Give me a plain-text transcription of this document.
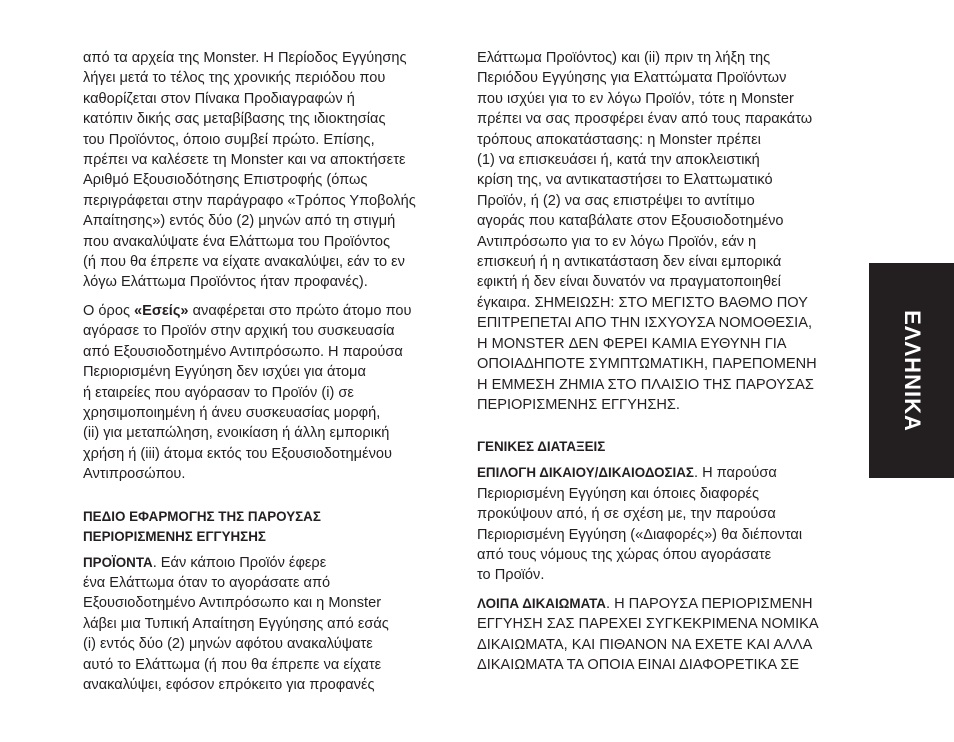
από τα αρχεία της Monster. Η Περίοδος Εγγύησης
λήγει μετά το τέλος της χρονικής περιόδου που
καθορίζεται στον Πίνακα Προδιαγραφών ή
κατόπιν δικής σας μεταβίβασης της ιδιοκτησίας
του Προϊόντος, όποιο συμβεί πρώτο. Επίσης,
πρέπει να καλέσετε τη Monster και να αποκτήσετε
Αριθμό Εξουσιοδότησης Επιστροφής (όπως
περιγράφεται στην παράγραφο «Τρόπος Υποβολής
Απαίτησης») εντός δύο (2) μηνών από τη στιγμή
που ανακαλύψατε ένα Ελάττωμα του Προϊόντος
(ή που θα έπρεπε να είχατε ανακαλύψει, εάν το εν
λόγω Ελάττωμα Προϊόντος ήταν προφανές).
Ο όρος «Εσείς» αναφέρεται στο πρώτο άτομο που
αγόρασε το Προϊόν στην αρχική του συσκευασία
από Εξουσιοδοτημένο Αντιπρόσωπο. Η παρούσα
Περιορισμένη Εγγύηση δεν ισχύει για άτομα
ή εταιρείες που αγόρασαν το Προϊόν (i) σε
χρησιμοποιημένη ή άνευ συσκευασίας μορφή,
(ii) για μεταπώληση, ενοικίαση ή άλλη εμπορική
χρήση ή (iii) άτομα εκτός του Εξουσιοδοτημένου
Αντιπροσώπου.
ΠΕΔΙΟ ΕΦΑΡΜΟΓΗΣ ΤΗΣ ΠΑΡΟΥΣΑΣ
ΠΕΡΙΟΡΙΣΜΕΝΗΣ ΕΓΓΥΗΣΗΣ
ΠΡΟΪΟΝΤΑ. Εάν κάποιο Προϊόν έφερε
ένα Ελάττωμα όταν το αγοράσατε από
Εξουσιοδοτημένο Αντιπρόσωπο και η Monster
λάβει μια Τυπική Απαίτηση Εγγύησης από εσάς
(i) εντός δύο (2) μηνών αφότου ανακαλύψατε
αυτό το Ελάττωμα (ή που θα έπρεπε να είχατε
ανακαλύψει, εφόσον επρόκειτο για προφανές
Ελάττωμα Προϊόντος) και (ii) πριν τη λήξη της
Περιόδου Εγγύησης για Ελαττώματα Προϊόντων
που ισχύει για το εν λόγω Προϊόν, τότε η Monster
πρέπει να σας προσφέρει έναν από τους παρακάτω
τρόπους αποκατάστασης: η Monster πρέπει
(1) να επισκευάσει ή, κατά την αποκλειστική
κρίση της, να αντικαταστήσει το Ελαττωματικό
Προϊόν, ή (2) να σας επιστρέψει το αντίτιμο
αγοράς που καταβάλατε στον Εξουσιοδοτημένο
Αντιπρόσωπο για το εν λόγω Προϊόν, εάν η
επισκευή ή η αντικατάσταση δεν είναι εμπορικά
εφικτή ή δεν είναι δυνατόν να πραγματοποιηθεί
έγκαιρα. ΣΗΜΕΙΩΣΗ: ΣΤΟ ΜΕΓΙΣΤΟ ΒΑΘΜΟ ΠΟΥ
ΕΠΙΤΡΕΠΕΤΑΙ ΑΠΟ ΤΗΝ ΙΣΧΥΟΥΣΑ ΝΟΜΟΘΕΣΙΑ,
Η MONSTER ΔΕΝ ΦΕΡΕΙ ΚΑΜΙΑ ΕΥΘΥΝΗ ΓΙΑ
ΟΠΟΙΑΔΗΠΟΤΕ ΣΥΜΠΤΩΜΑΤΙΚΗ, ΠΑΡΕΠΟΜΕΝΗ
Η ΕΜΜΕΣΗ ΖΗΜΙΑ ΣΤΟ ΠΛΑΙΣΙΟ ΤΗΣ ΠΑΡΟΥΣΑΣ
ΠΕΡΙΟΡΙΣΜΕΝΗΣ ΕΓΓΥΗΣΗΣ.
ΓΕΝΙΚΕΣ ΔΙΑΤΑΞΕΙΣ
ΕΠΙΛΟΓΗ ΔΙΚΑΙΟΥ/ΔΙΚΑΙΟΔΟΣΙΑΣ. Η παρούσα
Περιορισμένη Εγγύηση και όποιες διαφορές
προκύψουν από, ή σε σχέση με, την παρούσα
Περιορισμένη Εγγύηση («Διαφορές») θα διέπονται
από τους νόμους της χώρας όπου αγοράσατε
το Προϊόν.
ΛΟΙΠΑ ΔΙΚΑΙΩΜΑΤΑ. Η ΠΑΡΟΥΣΑ ΠΕΡΙΟΡΙΣΜΕΝΗ
ΕΓΓΥΗΣΗ ΣΑΣ ΠΑΡΕΧΕΙ ΣΥΓΚΕΚΡΙΜΕΝΑ ΝΟΜΙΚΑ
ΔΙΚΑΙΩΜΑΤΑ, ΚΑΙ ΠΙΘΑΝΟΝ ΝΑ ΕΧΕΤΕ ΚΑΙ ΑΛΛΑ
ΔΙΚΑΙΩΜΑΤΑ ΤΑ ΟΠΟΙΑ ΕΙΝΑΙ ΔΙΑΦΟΡΕΤΙΚΑ ΣΕ
ΕΛΛΗΝΙΚΑ
